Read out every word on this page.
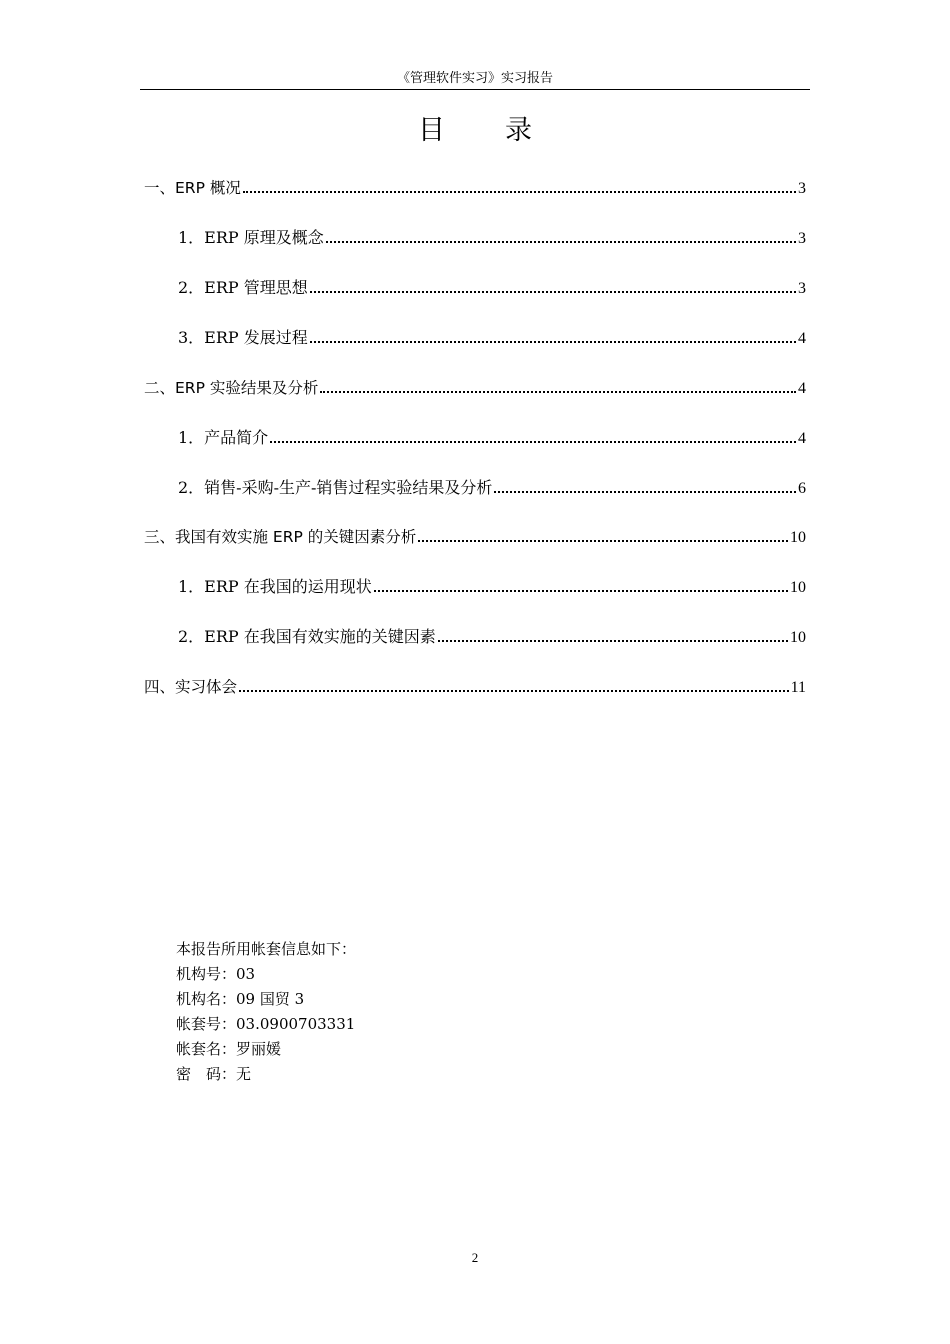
《管理软件实习》实习报告
目录
一、ERP 概况	3
1．ERP 原理及概念	3
2．ERP 管理思想	3
3．ERP 发展过程	4
二、ERP 实验结果及分析	4
1．产品简介	4
2．销售-采购-生产-销售过程实验结果及分析	6
三、我国有效实施 ERP 的关键因素分析	10
1．ERP 在我国的运用现状	10
2．ERP 在我国有效实施的关键因素	10
四、实习体会	11
本报告所用帐套信息如下：
机构号：03
机构名：09 国贸 3
帐套号：03.0900703331
帐套名：罗丽媛
密　码：无
2
